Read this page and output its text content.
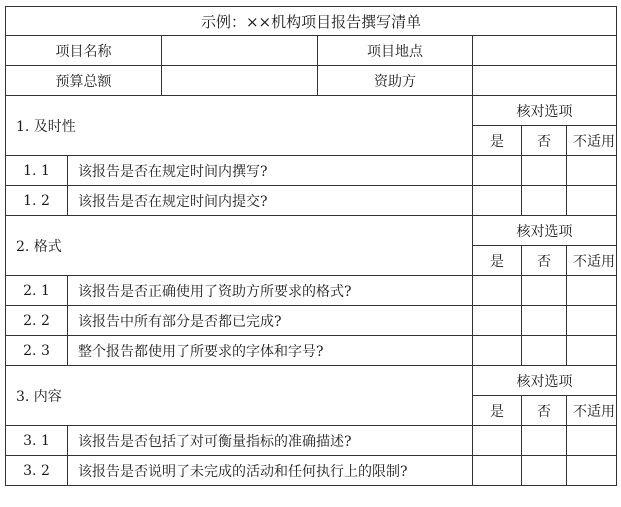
示例：××机构项目报告撰写清单						
项目名称			项目地点			
预算总额			资助方			
1. 及时性				核对选项		
				是	否	不适用
1. 1	该报告是否在规定时间内撰写?					
1. 2	该报告是否在规定时间内提交?					
2. 格式				核对选项		
				是	否	不适用
2. 1	该报告是否正确使用了资助方所要求的格式?					
2. 2	该报告中所有部分是否都已完成?					
2. 3	整个报告都使用了所要求的字体和字号?					
3. 内容				核对选项		
				是	否	不适用
3. 1	该报告是否包括了对可衡量指标的准确描述?					
3. 2	该报告是否说明了未完成的活动和任何执行上的限制?					
